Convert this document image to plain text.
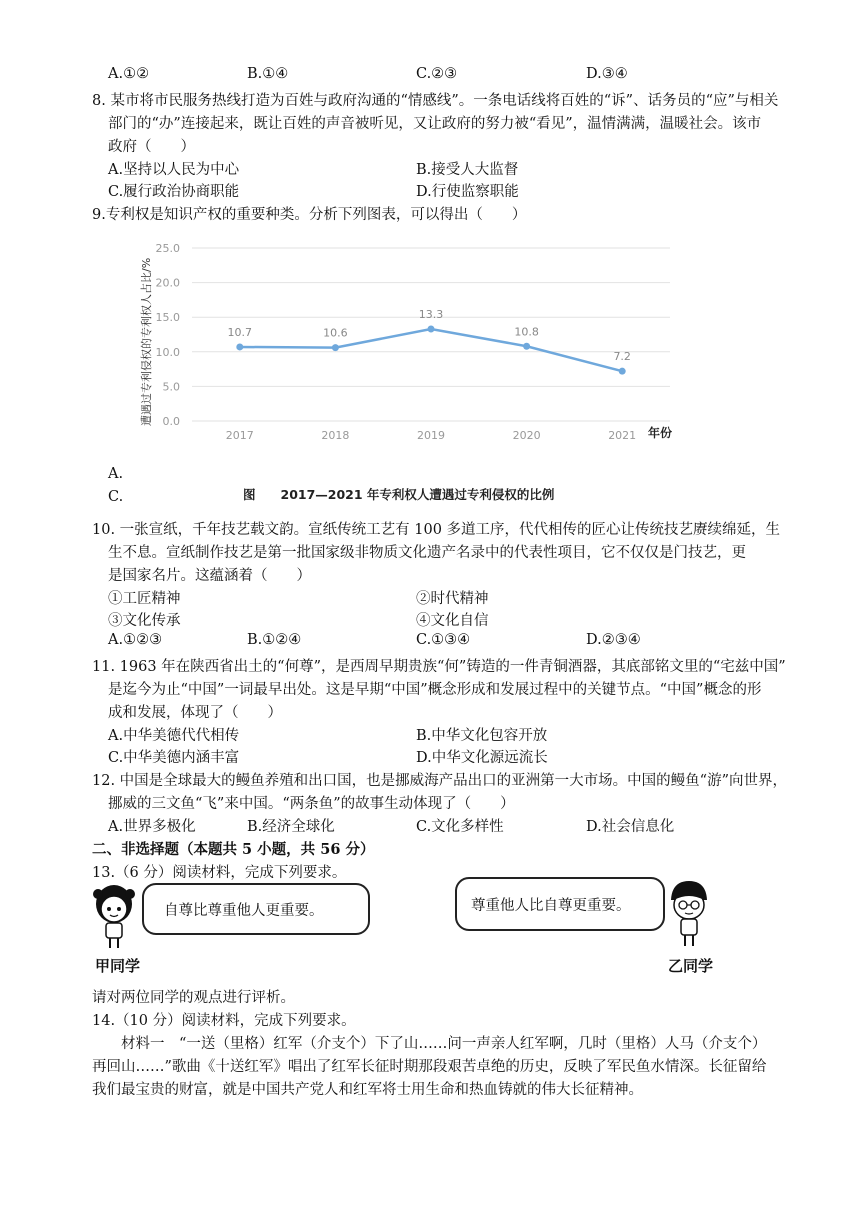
A.①②	B.①④	C.②③	D.③④
8. 某市将市民服务热线打造为百姓与政府沟通的“情感线”。一条电话线将百姓的“诉”、话务员的“应”与相关
部门的“办”连接起来，既让百姓的声音被听见，又让政府的努力被“看见”，温情满满，温暖社会。该市
政府（　　）
A.坚持以人民为中心	B.接受人大监督
C.履行政治协商职能	D.行使监察职能
9.专利权是知识产权的重要种类。分析下列图表，可以得出（　　）
A.
C.
0.0
5.0
10.0
15.0
20.0
25.0
2017	2018	2019	2020	2021
10.7	10.6
13.3
10.8
7.2
遭遇过专利侵权的专利权人占比/%
年份
图　　2017—2021 年专利权人遭遇过专利侵权的比例
10. 一张宣纸，千年技艺载文韵。宣纸传统工艺有 100 多道工序，代代相传的匠心让传统技艺赓续绵延，生
生不息。宣纸制作技艺是第一批国家级非物质文化遗产名录中的代表性项目，它不仅仅是门技艺，更
是国家名片。这蕴涵着（　　）
①工匠精神	②时代精神
③文化传承	④文化自信
A.①②③	B.①②④	C.①③④	D.②③④
11. 1963 年在陕西省出土的“何尊”，是西周早期贵族“何”铸造的一件青铜酒器，其底部铭文里的“宅兹中国”
是迄今为止“中国”一词最早出处。这是早期“中国”概念形成和发展过程中的关键节点。“中国”概念的形
成和发展，体现了（　　）
A.中华美德代代相传	B.中华文化包容开放
C.中华美德内涵丰富	D.中华文化源远流长
12. 中国是全球最大的鳗鱼养殖和出口国，也是挪威海产品出口的亚洲第一大市场。中国的鳗鱼“游”向世界，
挪威的三文鱼“飞”来中国。“两条鱼”的故事生动体现了（　　）
A.世界多极化	B.经济全球化	C.文化多样性	D.社会信息化
二、非选择题（本题共 5 小题，共 56 分）
13.（6 分）阅读材料，完成下列要求。
自尊比尊重他人更重要。
甲同学
尊重他人比自尊更重要。
乙同学
请对两位同学的观点进行评析。
14.（10 分）阅读材料，完成下列要求。
材料一　“一送（里格）红军（介支个）下了山……问一声亲人红军啊，几时（里格）人马（介支个）
再回山……”歌曲《十送红军》唱出了红军长征时期那段艰苦卓绝的历史，反映了军民鱼水情深。长征留给
我们最宝贵的财富，就是中国共产党人和红军将士用生命和热血铸就的伟大长征精神。
